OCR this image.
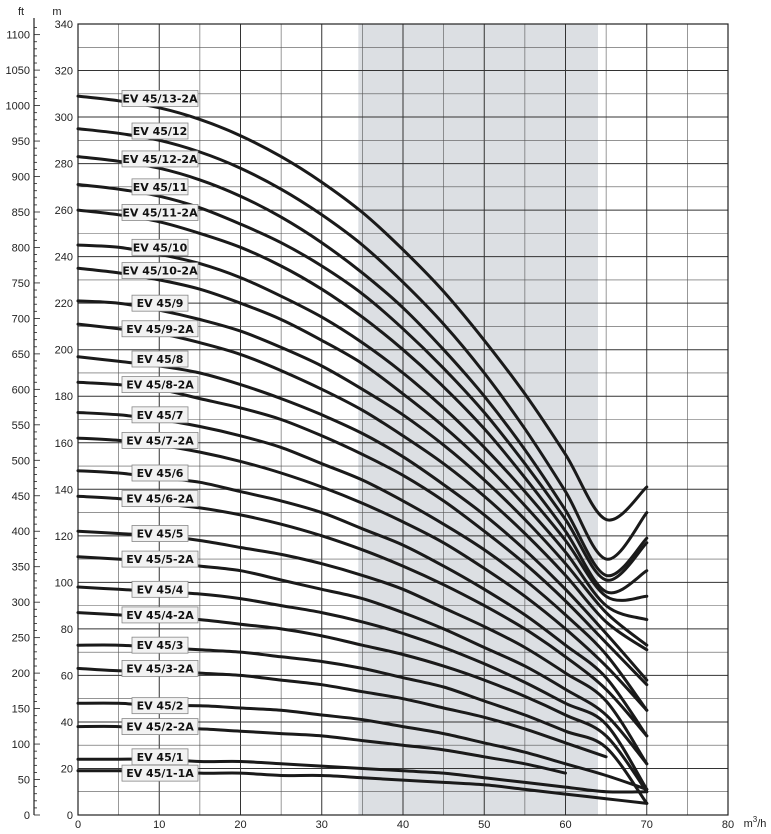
0	10	20	30	40	50	60	70	80
0
20
40
60
80
100
120
140
160
180
200
220
240
260
280
300
320
340
0
50
100
150
200
250
300
350
400
450
500
550
600
650
700
750
800
850
900
950
1000
1050
1100
ft	m
$m^3/h$
EV 45/13-2A
EV 45/12
EV 45/12-2A
EV 45/11
EV 45/11-2A
EV 45/10
EV 45/10-2A
EV 45/9
EV 45/9-2A
EV 45/8
EV 45/8-2A
EV 45/7
EV 45/7-2A
EV 45/6
EV 45/6-2A
EV 45/5
EV 45/5-2A
EV 45/4
EV 45/4-2A
EV 45/3
EV 45/3-2A
EV 45/2
EV 45/2-2A
EV 45/1
EV 45/1-1A
